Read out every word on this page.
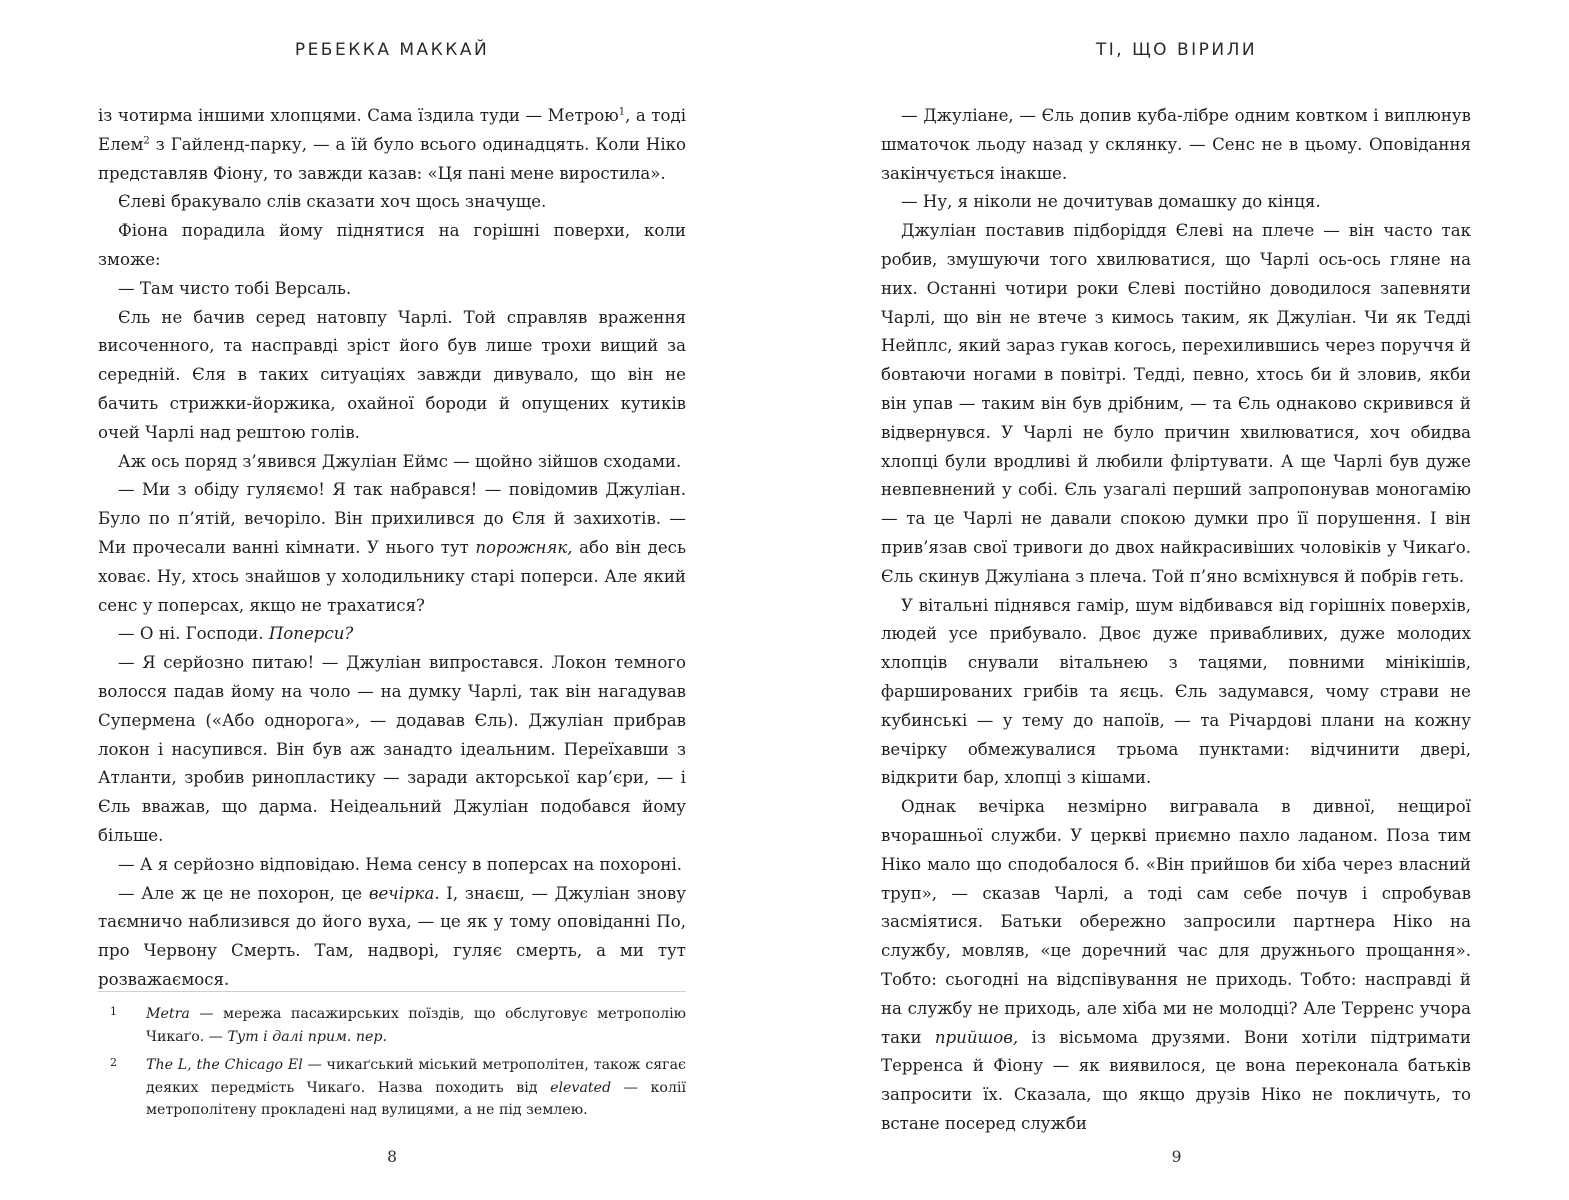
РЕБЕККА МАККАЙ

із чотирма іншими хлопцями. Сама їздила туди — Метрою$^1$, а тоді Елем$^2$ з Гайленд-парку, — а їй було всього одинадцять. Коли Ніко представляв Фіону, то завжди казав: «Ця пані мене виростила».

Єлеві бракувало слів сказати хоч щось значуще.

Фіона порадила йому піднятися на горішні поверхи, коли зможе:

— Там чисто тобі Версаль.

Єль не бачив серед натовпу Чарлі. Той справляв враження височенного, та насправді зріст його був лише трохи вищий за середній. Єля в таких ситуаціях завжди дивувало, що він не бачить стрижки-йоржика, охайної бороди й опущених кутиків очей Чарлі над рештою голів.

Аж ось поряд з’явився Джуліан Еймс — щойно зійшов сходами.

— Ми з обіду гуляємо! Я так набрався! — повідомив Джуліан. Було по п’ятій, вечоріло. Він прихилився до Єля й захихотів. — Ми прочесали ванні кімнати. У нього тут порожняк, або він десь ховає. Ну, хтось знайшов у холодильнику старі поперси. Але який сенс у поперсах, якщо не трахатися?

— О ні. Господи. Поперси?

— Я серйозно питаю! — Джуліан випростався. Локон темного волосся падав йому на чоло — на думку Чарлі, так він нагадував Супермена («Або однорога», — додавав Єль). Джуліан прибрав локон і насупився. Він був аж занадто ідеальним. Переїхавши з Атланти, зробив ринопластику — заради акторської кар’єри, — і Єль вважав, що дарма. Неідеальний Джуліан подобався йому більше.

— А я серйозно відповідаю. Нема сенсу в поперсах на похороні.

— Але ж це не похорон, це вечірка. І, знаєш, — Джуліан знову таємничо наблизився до його вуха, — це як у тому оповіданні По, про Червону Смерть. Там, надворі, гуляє смерть, а ми тут розважаємося.

1 Metra — мережа пасажирських поїздів, що обслуговує метрополію Чикаґо. — Тут і далі прим. пер.
2 The L, the Chicago El — чикаґський міський метрополітен, також сягає деяких передмість Чикаґо. Назва походить від elevated — колії метрополітену прокладені над вулицями, а не під землею.
8
ТІ, ЩО ВІРИЛИ

— Джуліане, — Єль допив куба-лібре одним ковтком і виплюнув шматочок льоду назад у склянку. — Сенс не в цьому. Оповідання закінчується інакше.

— Ну, я ніколи не дочитував домашку до кінця.

Джуліан поставив підборіддя Єлеві на плече — він часто так робив, змушуючи того хвилюватися, що Чарлі ось-ось гляне на них. Останні чотири роки Єлеві постійно доводилося запевняти Чарлі, що він не втече з кимось таким, як Джуліан. Чи як Тедді Нейплс, який зараз гукав когось, перехилившись через поруччя й бовтаючи ногами в повітрі. Тедді, певно, хтось би й зловив, якби він упав — таким він був дрібним, — та Єль однаково скривився й відвернувся. У Чарлі не було причин хвилюватися, хоч обидва хлопці були вродливі й любили фліртувати. А ще Чарлі був дуже невпевнений у собі. Єль узагалі перший запропонував моногамію — та це Чарлі не давали спокою думки про її порушення. І він прив’язав свої тривоги до двох найкрасивіших чоловіків у Чикаґо. Єль скинув Джуліана з плеча. Той п’яно всміхнувся й побрів геть.

У вітальні піднявся гамір, шум відбивався від горішніх поверхів, людей усе прибувало. Двоє дуже привабливих, дуже молодих хлопців снували вітальнею з тацями, повними мінікішів, фаршированих грибів та яєць. Єль задумався, чому страви не кубинські — у тему до напоїв, — та Річардові плани на кожну вечірку обмежувалися трьома пунктами: відчинити двері, відкрити бар, хлопці з кішами.

Однак вечірка незмірно вигравала в дивної, нещирої вчорашньої служби. У церкві приємно пахло ладаном. Поза тим Ніко мало що сподобалося б. «Він прийшов би хіба через власний труп», — сказав Чарлі, а тоді сам себе почув і спробував засміятися. Батьки обережно запросили партнера Ніко на службу, мовляв, «це доречний час для дружнього прощання». Тобто: сьогодні на відспівування не приходь. Тобто: насправді й на службу не приходь, але хіба ми не молодці? Але Терренс учора таки прийшов, із вісьмома друзями. Вони хотіли підтримати Терренса й Фіону — як виявилося, це вона переконала батьків запросити їх. Сказала, що якщо друзів Ніко не покличуть, то встане посеред служби

9
